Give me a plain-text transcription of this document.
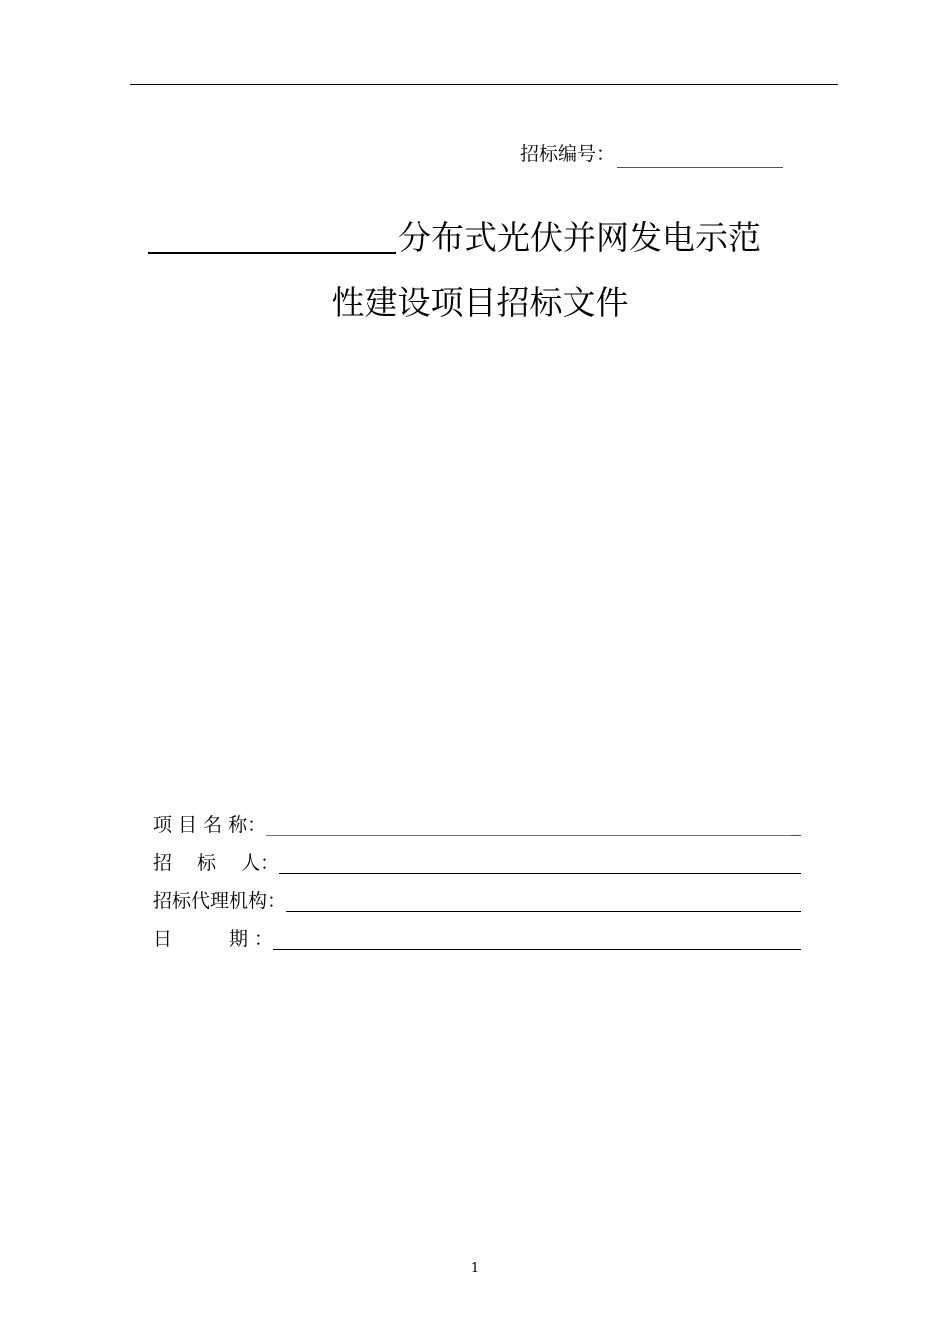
招标编号：
分布式光伏并网发电示范
性建设项目招标文件
项 目 名 称：	_
招　 标　 人：
招标代理机构：
日　　　期 ：
1
